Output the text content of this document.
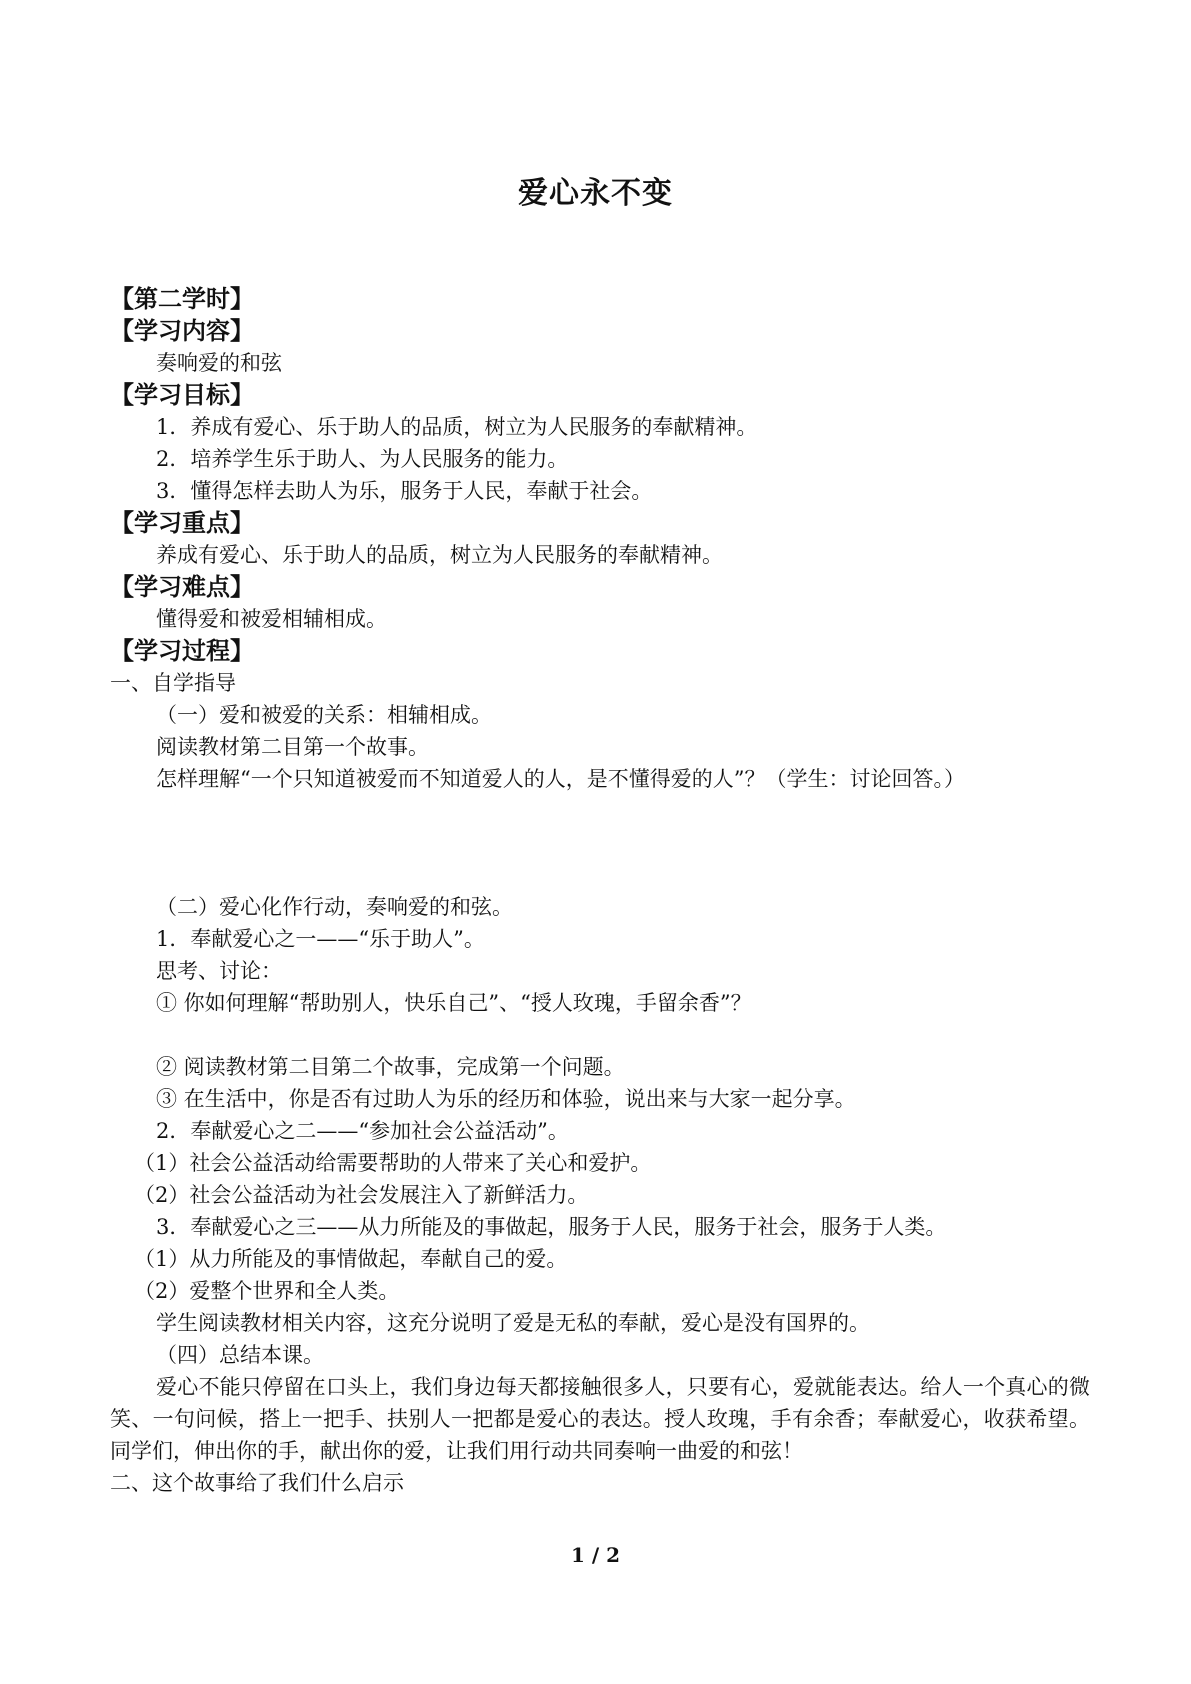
爱心永不变
【第二学时】
【学习内容】
奏响爱的和弦
【学习目标】
1．养成有爱心、乐于助人的品质，树立为人民服务的奉献精神。
2．培养学生乐于助人、为人民服务的能力。
3．懂得怎样去助人为乐，服务于人民，奉献于社会。
【学习重点】
养成有爱心、乐于助人的品质，树立为人民服务的奉献精神。
【学习难点】
懂得爱和被爱相辅相成。
【学习过程】
一、自学指导
（一）爱和被爱的关系：相辅相成。
阅读教材第二目第一个故事。
怎样理解“一个只知道被爱而不知道爱人的人，是不懂得爱的人”？（学生：讨论回答。）
（二）爱心化作行动，奏响爱的和弦。
1．奉献爱心之一——“乐于助人”。
思考、讨论：
① 你如何理解“帮助别人，快乐自己”、“授人玫瑰，手留余香”？
② 阅读教材第二目第二个故事，完成第一个问题。
③ 在生活中，你是否有过助人为乐的经历和体验，说出来与大家一起分享。
2．奉献爱心之二——“参加社会公益活动”。
（1）社会公益活动给需要帮助的人带来了关心和爱护。
（2）社会公益活动为社会发展注入了新鲜活力。
3．奉献爱心之三——从力所能及的事做起，服务于人民，服务于社会，服务于人类。
（1）从力所能及的事情做起，奉献自己的爱。
（2）爱整个世界和全人类。
学生阅读教材相关内容，这充分说明了爱是无私的奉献，爱心是没有国界的。
（四）总结本课。
爱心不能只停留在口头上，我们身边每天都接触很多人，只要有心，爱就能表达。给人一个真心的微笑、一句问候，搭上一把手、扶别人一把都是爱心的表达。授人玫瑰，手有余香；奉献爱心，收获希望。同学们，伸出你的手，献出你的爱，让我们用行动共同奏响一曲爱的和弦！
二、这个故事给了我们什么启示
1 / 2
